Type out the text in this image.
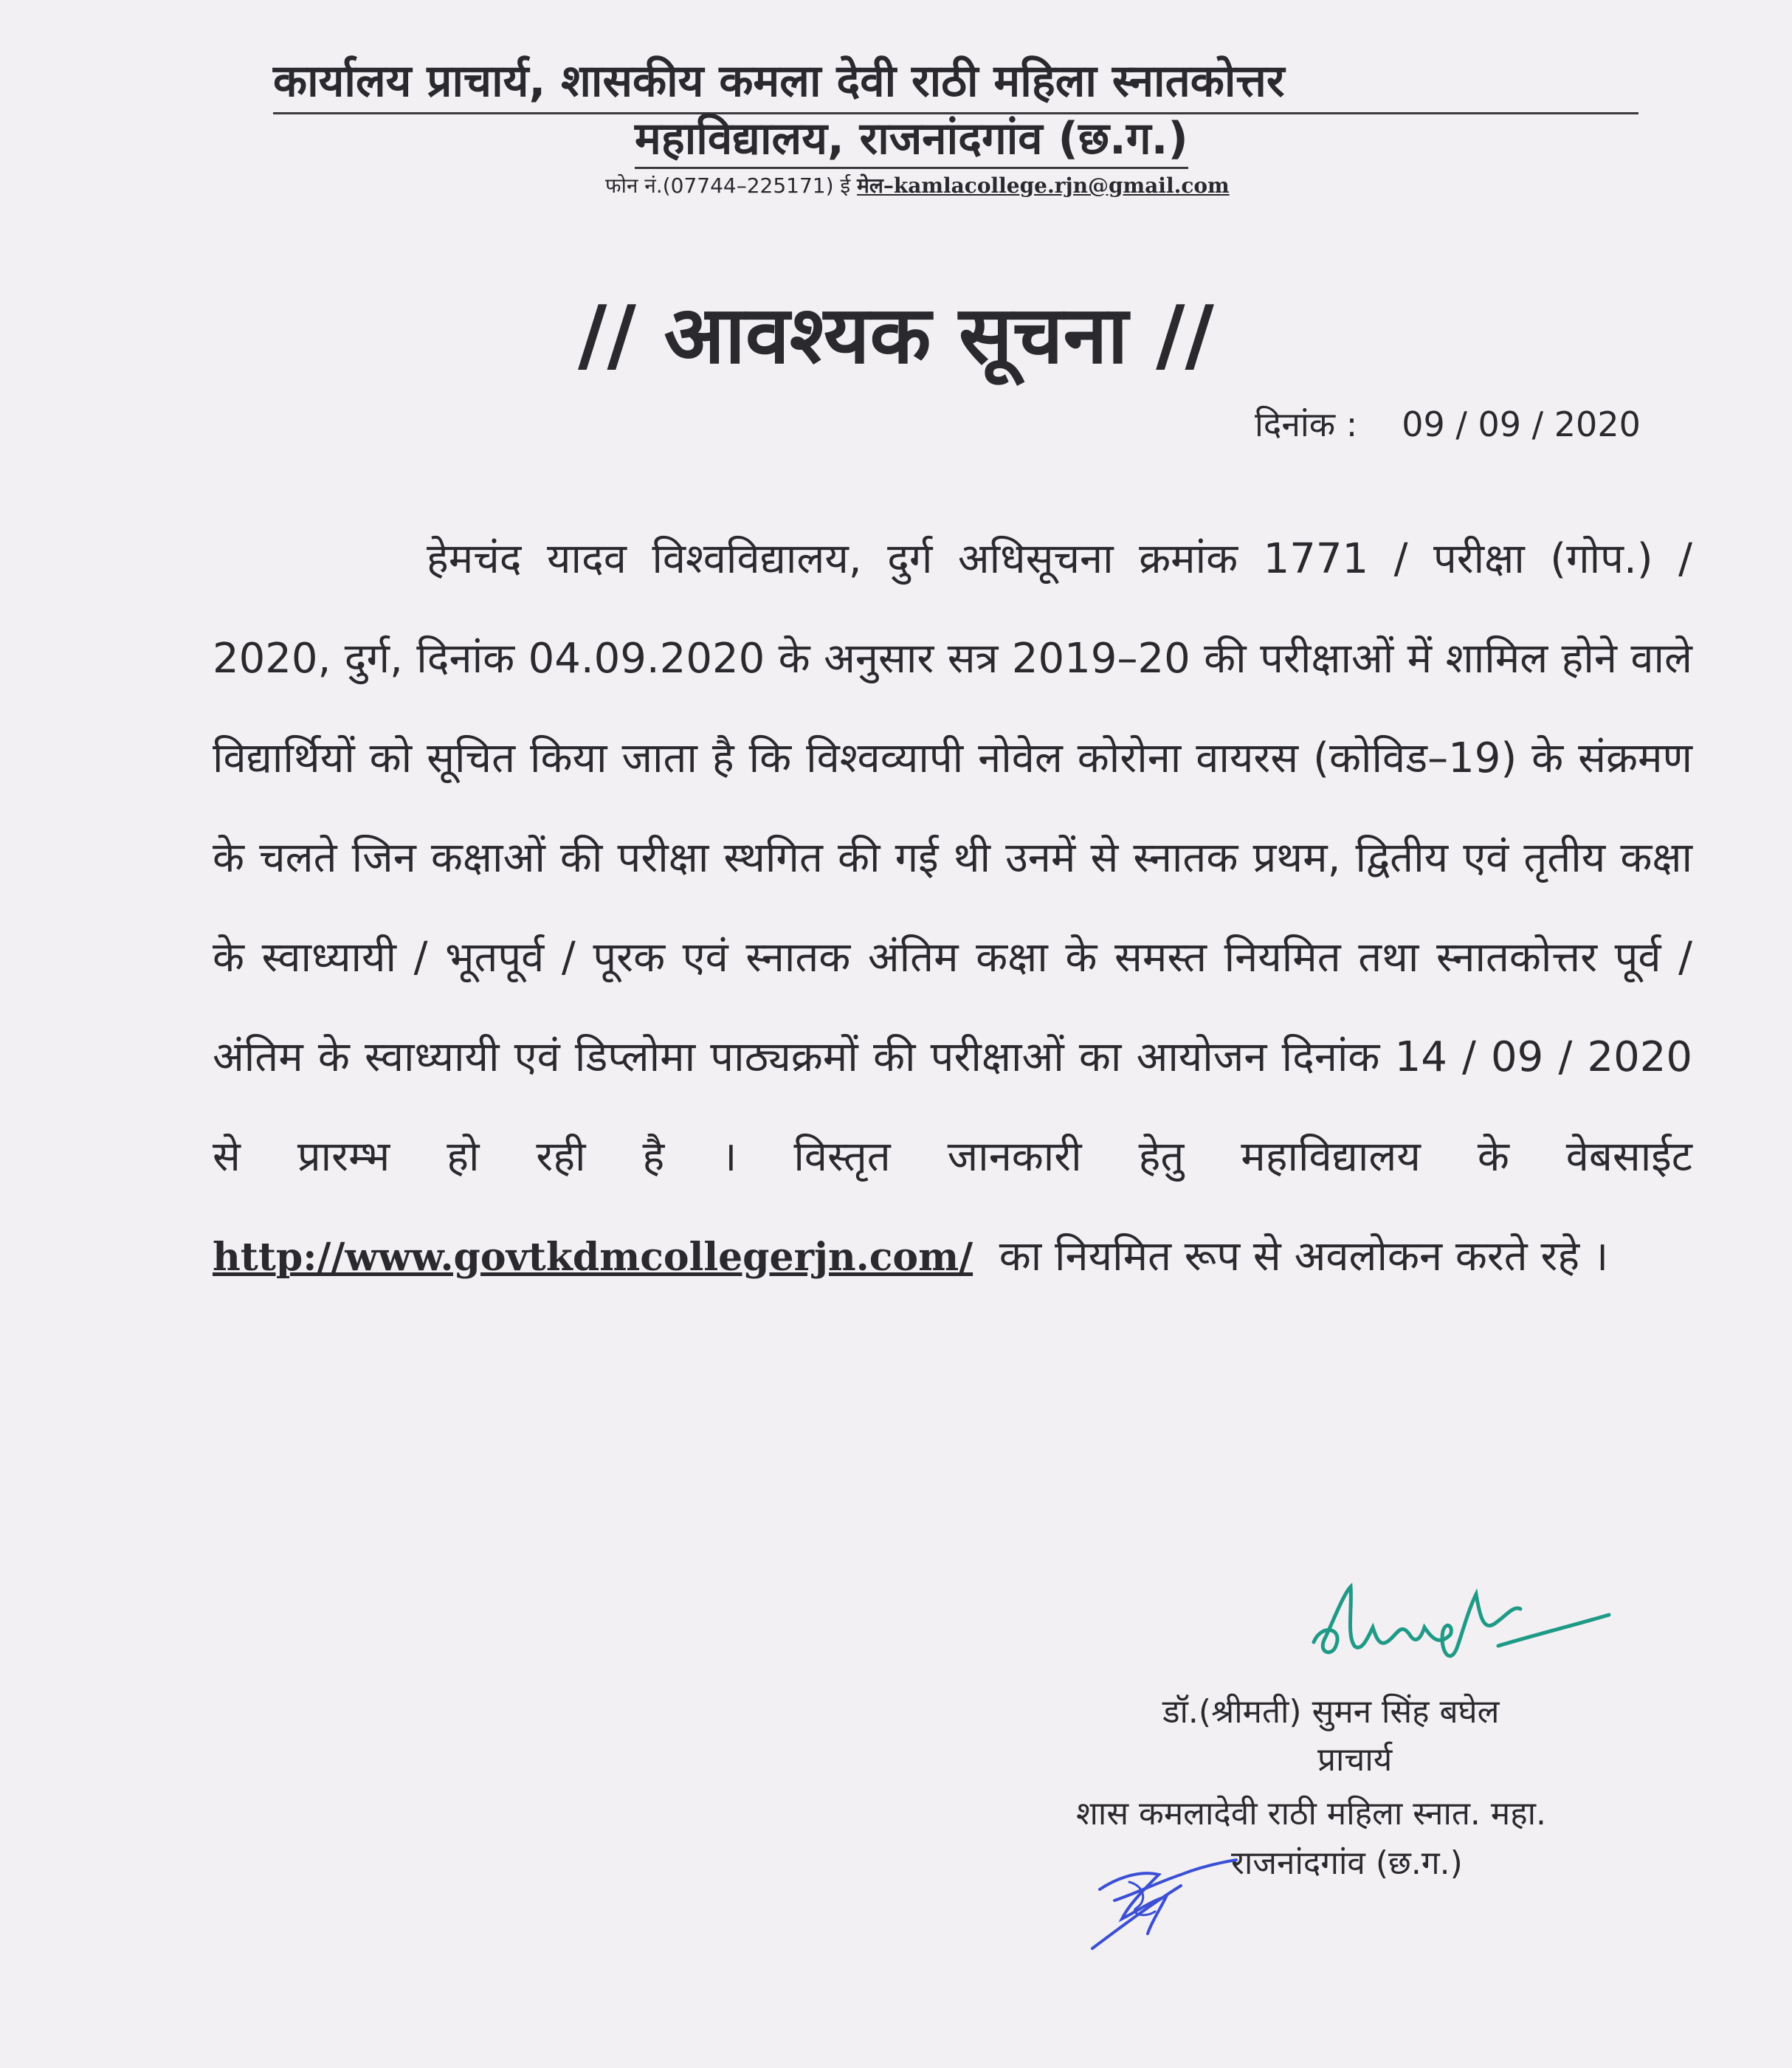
कार्यालय प्राचार्य, शासकीय कमला देवी राठी महिला स्नातकोत्तर
महाविद्यालय, राजनांदगांव (छ.ग.)
फोन नं.(07744–225171) ई मेल–kamlacollege.rjn@gmail.com
// आवश्यक सूचना //
दिनांक : 09 / 09 / 2020
हेमचंद यादव विश्वविद्यालय, दुर्ग अधिसूचना क्रमांक 1771 / परीक्षा (गोप.) / 2020, दुर्ग, दिनांक 04.09.2020 के अनुसार सत्र 2019–20 की परीक्षाओं में शामिल होने वाले विद्यार्थियों को सूचित किया जाता है कि विश्वव्यापी नोवेल कोरोना वायरस (कोविड–19) के संक्रमण के चलते जिन कक्षाओं की परीक्षा स्थगित की गई थी उनमें से स्नातक प्रथम, द्वितीय एवं तृतीय कक्षा के स्वाध्यायी / भूतपूर्व / पूरक एवं स्नातक अंतिम कक्षा के समस्त नियमित तथा स्नातकोत्तर पूर्व / अंतिम के स्वाध्यायी एवं डिप्लोमा पाठ्यक्रमों की परीक्षाओं का आयोजन दिनांक 14 / 09 / 2020 से प्रारम्भ हो रही है । विस्तृत जानकारी हेतु महाविद्यालय के वेबसाईट http://www.govtkdmcollegerjn.com/ का नियमित रूप से अवलोकन करते रहे ।
डॉ.(श्रीमती) सुमन सिंह बघेल
प्राचार्य
शास कमलादेवी राठी महिला स्नात. महा.
राजनांदगांव (छ.ग.)
